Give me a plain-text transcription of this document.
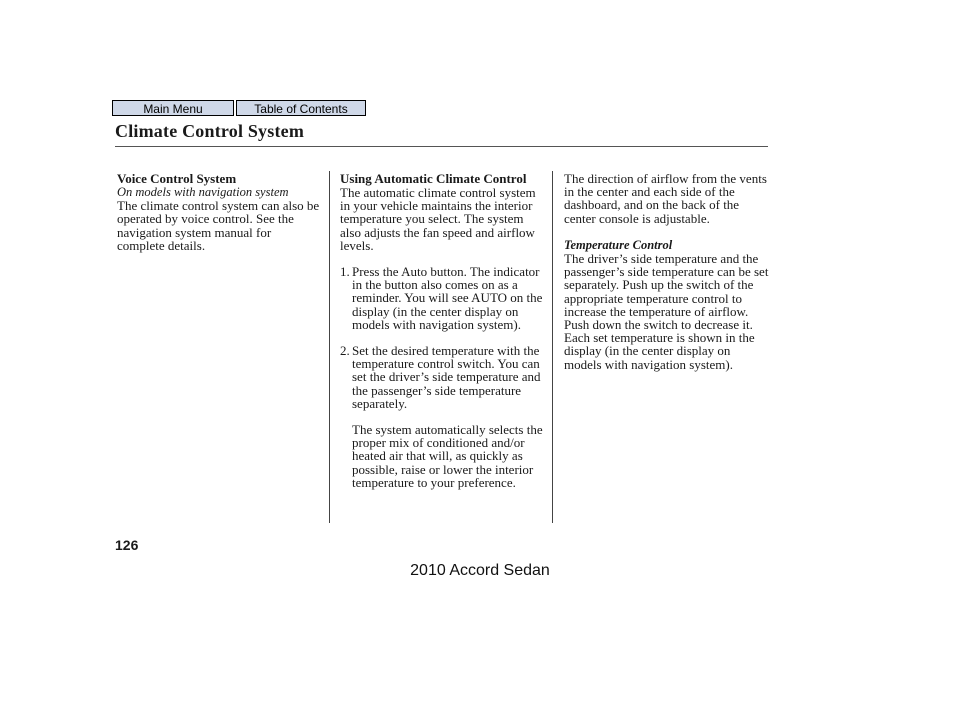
Main Menu	Table of Contents
Climate Control System
Voice Control System

On models with navigation system

The climate control system can also be operated by voice control. See the navigation system manual for complete details.

Using Automatic Climate Control

The automatic climate control system in your vehicle maintains the interior temperature you select. The system also adjusts the fan speed and airflow levels.

1. Press the Auto button. The indicator in the button also comes on as a reminder. You will see AUTO on the display (in the center display on models with navigation system).
2. Set the desired temperature with the temperature control switch. You can set the driver’s side temperature and the passenger’s side temperature separately.

The system automatically selects the proper mix of conditioned and/or heated air that will, as quickly as possible, raise or lower the interior temperature to your preference.

The direction of airflow from the vents in the center and each side of the dashboard, and on the back of the center console is adjustable.

Temperature Control

The driver’s side temperature and the passenger’s side temperature can be set separately. Push up the switch of the appropriate temperature control to increase the temperature of airflow. Push down the switch to decrease it. Each set temperature is shown in the display (in the center display on models with navigation system).

126

2010 Accord Sedan
